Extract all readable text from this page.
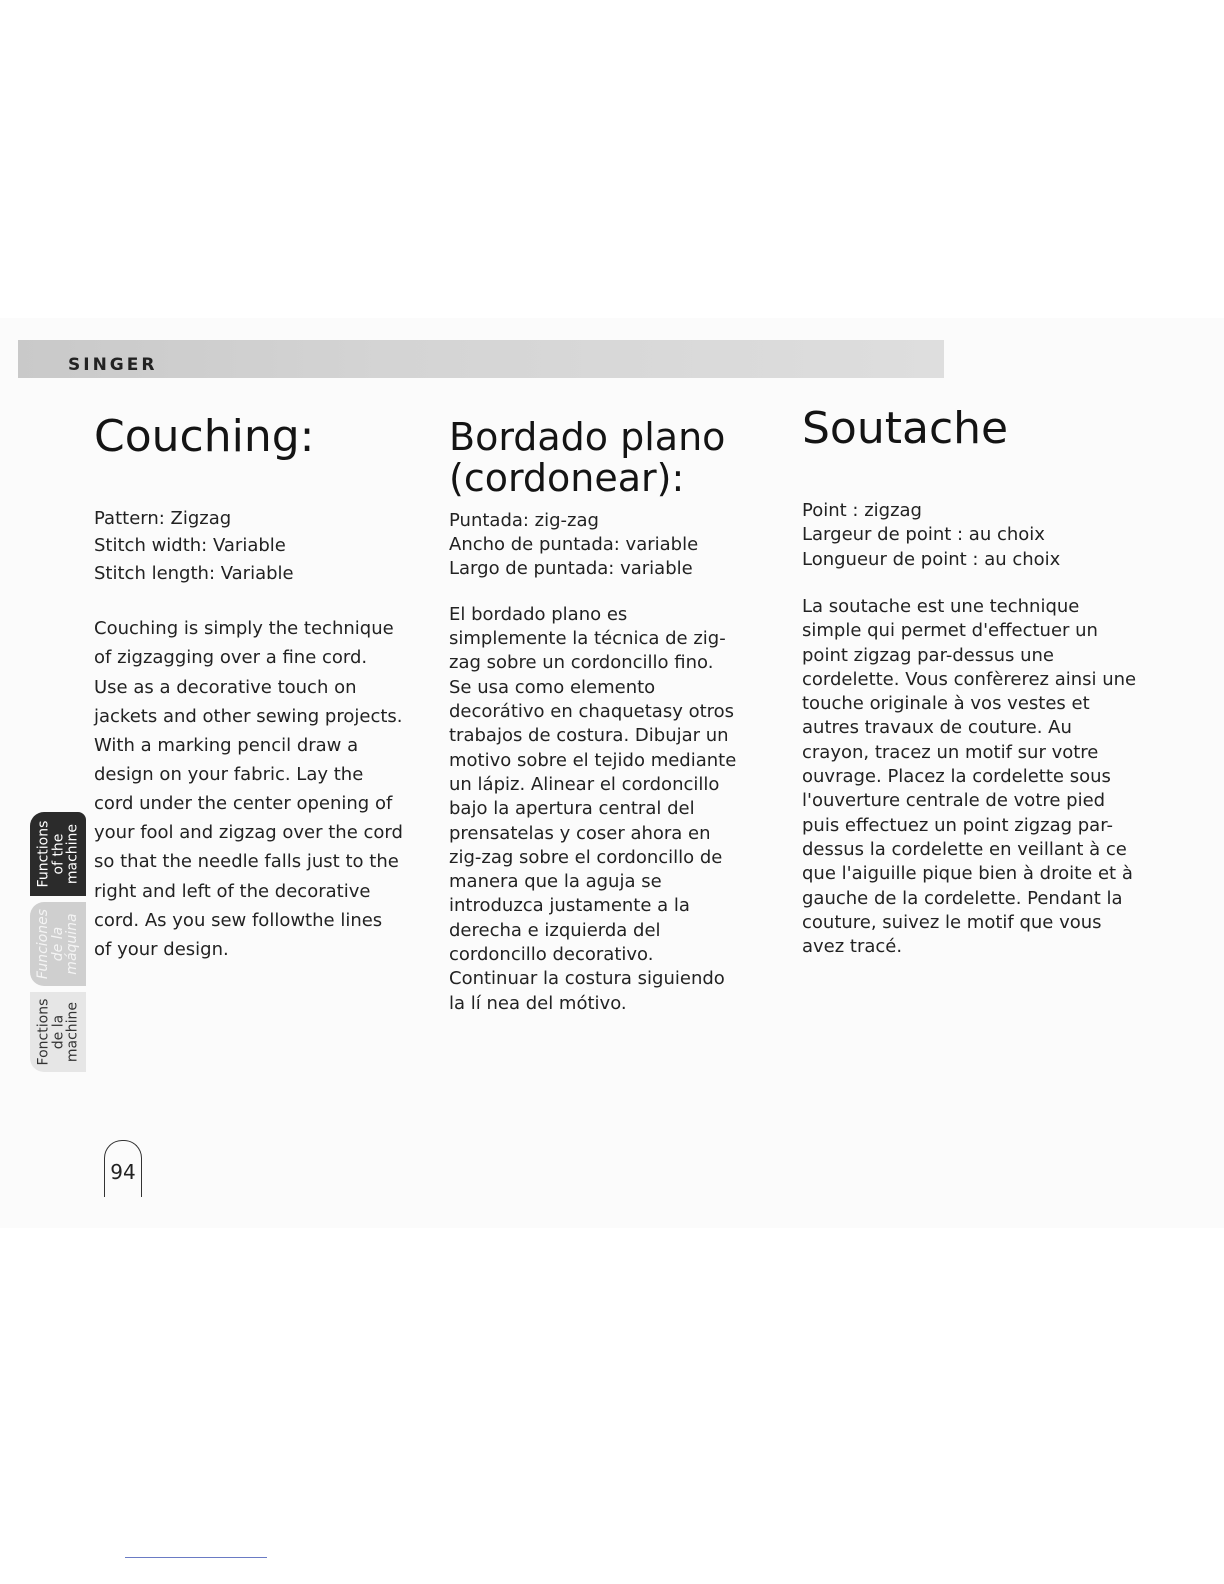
SINGER
Couching:
Pattern: Zigzag
Stitch width: Variable
Stitch length: Variable

Couching is simply the technique of zigzagging over a fine cord. Use as a decorative touch on jackets and other sewing projects. With a marking pencil draw a design on your fabric. Lay the cord under the center opening of your fool and zigzag over the cord so that the needle falls just to the right and left of the decorative cord. As you sew followthe lines of your design.

Bordado plano (cordonear):
Puntada: zig-zag
Ancho de puntada: variable
Largo de puntada: variable

El bordado plano es simplemente la técnica de zig-zag sobre un cordoncillo fino. Se usa como elemento decorátivo en chaquetasy otros trabajos de costura. Dibujar un motivo sobre el tejido mediante un lápiz. Alinear el cordoncillo bajo la apertura central del prensatelas y coser ahora en zig-zag sobre el cordoncillo de manera que la aguja se introduzca justamente a la derecha e izquierda del cordoncillo decorativo. Continuar la costura siguiendo la lí nea del mótivo.

Soutache
Point : zigzag
Largeur de point : au choix
Longueur de point : au choix

La soutache est une technique simple qui permet d'effectuer un point zigzag par-dessus une cordelette. Vous confèrerez ainsi une touche originale à vos vestes et autres travaux de couture. Au crayon, tracez un motif sur votre ouvrage. Placez la cordelette sous l'ouverture centrale de votre pied puis effectuez un point zigzag par-dessus la cordelette en veillant à ce que l'aiguille pique bien à droite et à gauche de la cordelette. Pendant la couture, suivez le motif que vous avez tracé.

Functions
of the
machine
Funciones
de la
máquina
Fonctions
de la
machine
94
